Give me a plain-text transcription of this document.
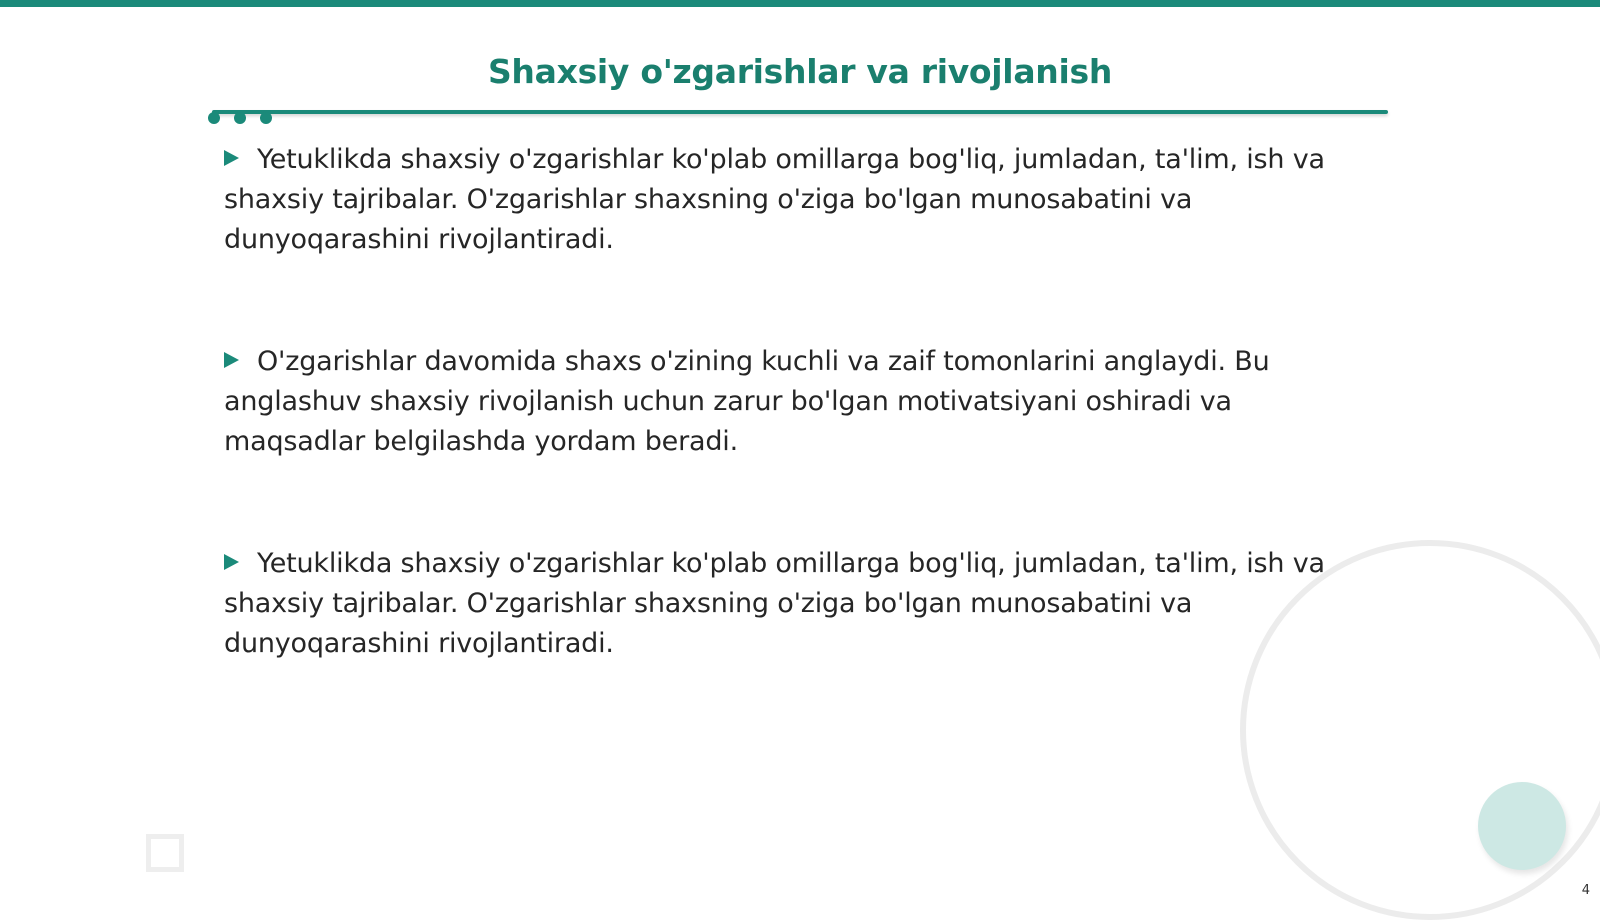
Shaxsiy o'zgarishlar va rivojlanish

Yetuklikda shaxsiy o'zgarishlar ko'plab omillarga bog'liq, jumladan, ta'lim, ish va shaxsiy tajribalar. O'zgarishlar shaxsning o'ziga bo'lgan munosabatini va dunyoqarashini rivojlantiradi.

O'zgarishlar davomida shaxs o'zining kuchli va zaif tomonlarini anglaydi. Bu anglashuv shaxsiy rivojlanish uchun zarur bo'lgan motivatsiyani oshiradi va maqsadlar belgilashda yordam beradi.

Yetuklikda shaxsiy o'zgarishlar ko'plab omillarga bog'liq, jumladan, ta'lim, ish va shaxsiy tajribalar. O'zgarishlar shaxsning o'ziga bo'lgan munosabatini va dunyoqarashini rivojlantiradi.

4
